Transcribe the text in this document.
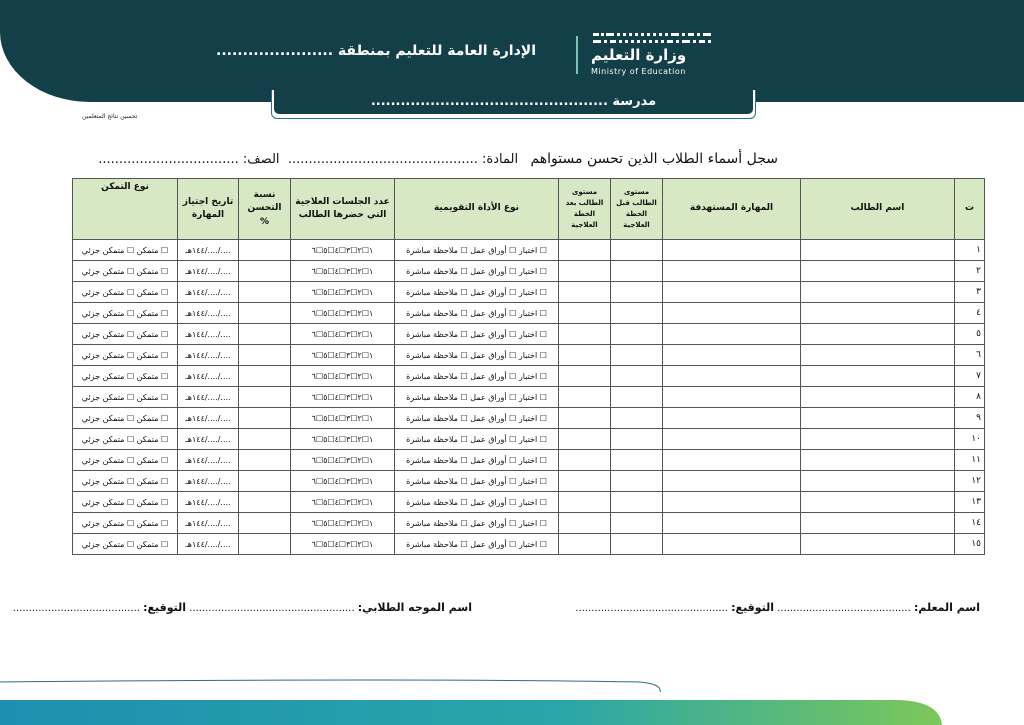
وزارة التعليم
Ministry of Education
الإدارة العامة للتعليم بمنطقة ......................
مدرسة ................................................
تحسين نتائج المتعلمين
سجل أسماء الطلاب الذين تحسن مستواهم   المادة: ..............................................  الصف: ..................................
ت	اسم الطالب	المهارة المستهدفة	مستوى الطالب قبل الخطة العلاجية	مستوى الطالب بعد الخطة العلاجية	نوع الأداة التقويمية	عدد الجلسات العلاجية التي حضرها الطالب	نسبة التحسن %	تاريخ اجتياز المهارة	نوع التمكن
١					☐ اختبار ☐ أوراق عمل ☐ ملاحظة مباشرة	١☐٢☐٣☐٤☐٥☐٦		..../..../١٤٤هـ	☐ متمكن ☐ متمكن جزئي
٢					☐ اختبار ☐ أوراق عمل ☐ ملاحظة مباشرة	١☐٢☐٣☐٤☐٥☐٦		..../..../١٤٤هـ	☐ متمكن ☐ متمكن جزئي
٣					☐ اختبار ☐ أوراق عمل ☐ ملاحظة مباشرة	١☐٢☐٣☐٤☐٥☐٦		..../..../١٤٤هـ	☐ متمكن ☐ متمكن جزئي
٤					☐ اختبار ☐ أوراق عمل ☐ ملاحظة مباشرة	١☐٢☐٣☐٤☐٥☐٦		..../..../١٤٤هـ	☐ متمكن ☐ متمكن جزئي
٥					☐ اختبار ☐ أوراق عمل ☐ ملاحظة مباشرة	١☐٢☐٣☐٤☐٥☐٦		..../..../١٤٤هـ	☐ متمكن ☐ متمكن جزئي
٦					☐ اختبار ☐ أوراق عمل ☐ ملاحظة مباشرة	١☐٢☐٣☐٤☐٥☐٦		..../..../١٤٤هـ	☐ متمكن ☐ متمكن جزئي
٧					☐ اختبار ☐ أوراق عمل ☐ ملاحظة مباشرة	١☐٢☐٣☐٤☐٥☐٦		..../..../١٤٤هـ	☐ متمكن ☐ متمكن جزئي
٨					☐ اختبار ☐ أوراق عمل ☐ ملاحظة مباشرة	١☐٢☐٣☐٤☐٥☐٦		..../..../١٤٤هـ	☐ متمكن ☐ متمكن جزئي
٩					☐ اختبار ☐ أوراق عمل ☐ ملاحظة مباشرة	١☐٢☐٣☐٤☐٥☐٦		..../..../١٤٤هـ	☐ متمكن ☐ متمكن جزئي
١٠					☐ اختبار ☐ أوراق عمل ☐ ملاحظة مباشرة	١☐٢☐٣☐٤☐٥☐٦		..../..../١٤٤هـ	☐ متمكن ☐ متمكن جزئي
١١					☐ اختبار ☐ أوراق عمل ☐ ملاحظة مباشرة	١☐٢☐٣☐٤☐٥☐٦		..../..../١٤٤هـ	☐ متمكن ☐ متمكن جزئي
١٢					☐ اختبار ☐ أوراق عمل ☐ ملاحظة مباشرة	١☐٢☐٣☐٤☐٥☐٦		..../..../١٤٤هـ	☐ متمكن ☐ متمكن جزئي
١٣					☐ اختبار ☐ أوراق عمل ☐ ملاحظة مباشرة	١☐٢☐٣☐٤☐٥☐٦		..../..../١٤٤هـ	☐ متمكن ☐ متمكن جزئي
١٤					☐ اختبار ☐ أوراق عمل ☐ ملاحظة مباشرة	١☐٢☐٣☐٤☐٥☐٦		..../..../١٤٤هـ	☐ متمكن ☐ متمكن جزئي
١٥					☐ اختبار ☐ أوراق عمل ☐ ملاحظة مباشرة	١☐٢☐٣☐٤☐٥☐٦		..../..../١٤٤هـ	☐ متمكن ☐ متمكن جزئي
اسم المعلم: .......................................... التوقيع: ................................................
اسم الموجه الطلابي: .................................................... التوقيع: ........................................
